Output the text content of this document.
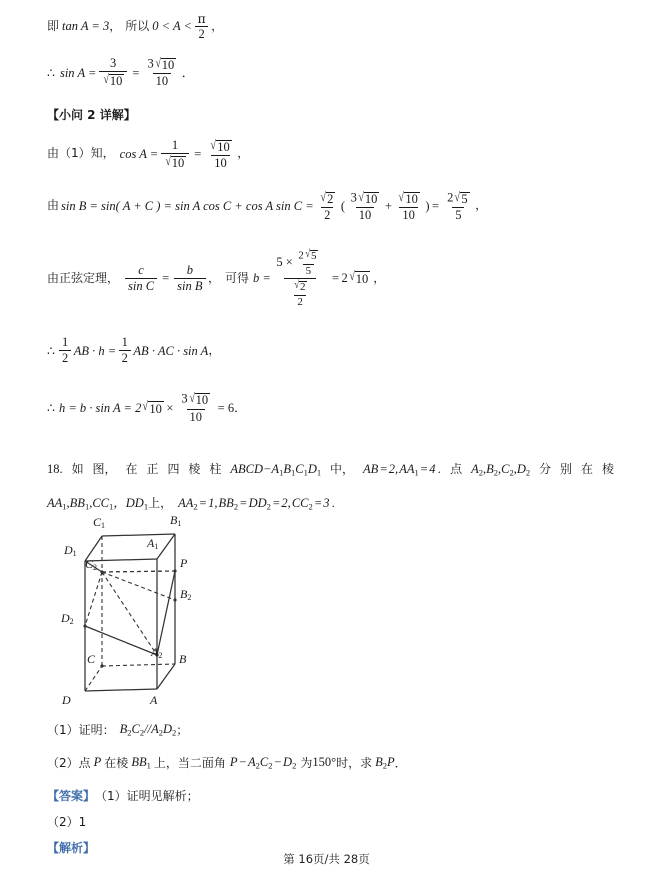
即 tan A = 3 ， 所以 $0 < A < \frac{\pi}{2}$ ，
∴ $\sin A = \frac{3}{√ 10} = \frac{3 √ 10}{10}$ ．
【小问 2 详解】
由（1）知， $\cos A = \frac{1}{√ 10} = \frac{√ 10}{10}$ ，
由 sin B = sin( A + C ) = sin A cos C + cos A $\sin C = \frac{√ 2}{2}$ ( $\frac{3 √ 10}{10} + \frac{√ 10}{10}$ ) = $\frac{2 √ 5}{5}$ ，
由正弦定理， $\frac{c}{\text{sin C}} = \frac{b}{\text{sin B}}$ ， 可得 b =
$5 \times \frac{2 √ 5}{5}$
$\frac{√ 2}{2}$
= 2 √ 10 ，
∴ $\frac{1}{2}$ AB · $h = \frac{1}{2}$ AB · AC · sin A ，
∴ h = b · sin A = 2 √ $10 \times \frac{3 √ 10}{10} = 6$ ．
18. 如 图， 在 正 四 棱 柱 ABCD−A1B1C1D1 中， AB = 2, AA1 = 4 . 点 A2,B2,C2,D2 分 别 在 棱
AA1,BB1,CC1，DD1 上， AA2 = 1, BB2 = DD2 = 2, CC2 = 3 .
C1	B1
D1
A1
C2	P
B2
D2
A2
C	B
D	A
（1） 证明： B2C2//A2D2 ；
（2） 点 P 在棱 BB1 上，当二面角 P − A2C2 − D2 为 150° 时，求 B2P ．
【答案】 （1）证明见解析；
（2）1
【解析】
第 16页/共 28页
